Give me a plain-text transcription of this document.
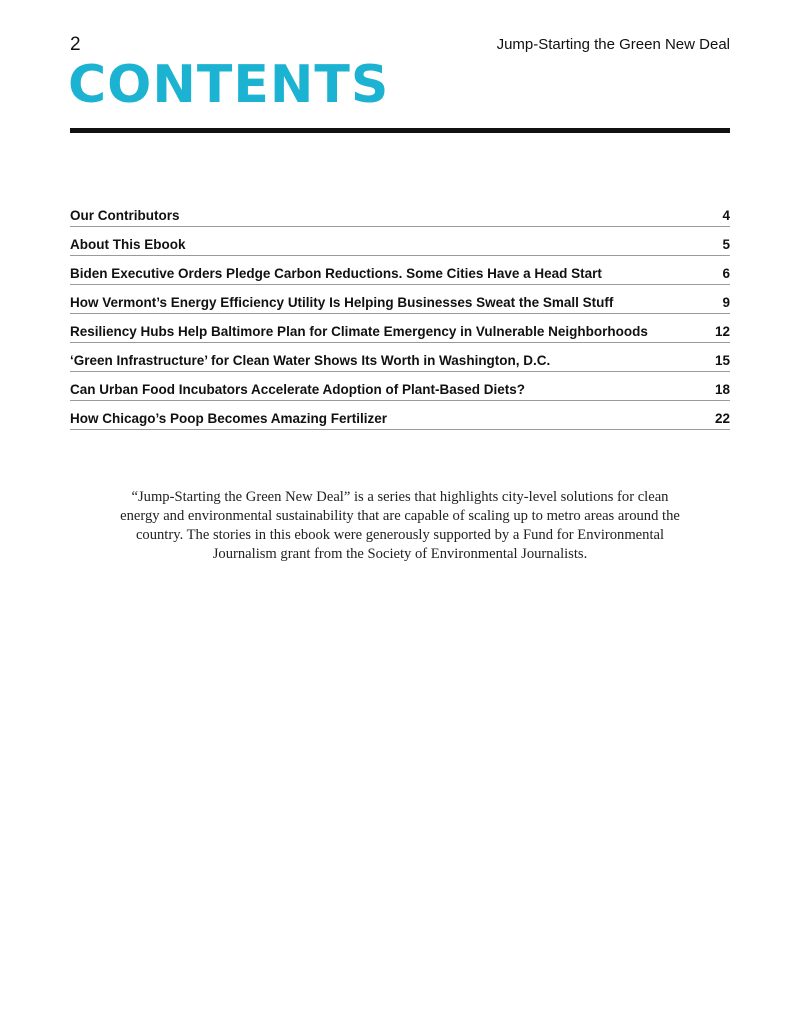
2	Jump-Starting the Green New Deal
CONTENTS
Our Contributors	4
About This Ebook	5
Biden Executive Orders Pledge Carbon Reductions. Some Cities Have a Head Start	6
How Vermont’s Energy Efficiency Utility Is Helping Businesses Sweat the Small Stuff	9
Resiliency Hubs Help Baltimore Plan for Climate Emergency in Vulnerable Neighborhoods	12
‘Green Infrastructure’ for Clean Water Shows Its Worth in Washington, D.C.	15
Can Urban Food Incubators Accelerate Adoption of Plant-Based Diets?	18
How Chicago’s Poop Becomes Amazing Fertilizer	22

“Jump-Starting the Green New Deal” is a series that highlights city-level solutions for clean energy and environmental sustainability that are capable of scaling up to metro areas around the country. The stories in this ebook were generously supported by a Fund for Environmental Journalism grant from the Society of Environmental Journalists.
